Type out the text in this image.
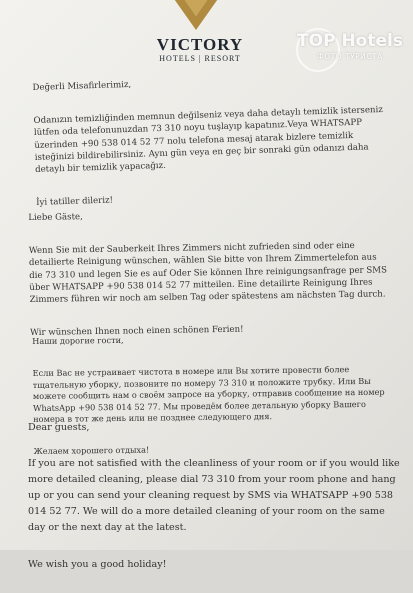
VICTORY
HOTELS | RESORT
TOP Hotels
ФОТО ТУРИСТА

Değerli Misafirlerimiz,

Odanızın temizliğinden memnun değilseniz veya daha detaylı temizlik isterseniz lütfen oda telefonunuzdan 73 310 noyu tuşlayıp kapatınız.Veya WHATSAPP üzerinden +90 538 014 52 77 nolu telefona mesaj atarak bizlere temizlik isteğinizi bildirebilirsiniz. Aynı gün veya en geç bir sonraki gün odanızı daha detaylı bir temizlik yapacağız.

İyi tatiller dileriz!

Liebe Gäste,

Wenn Sie mit der Sauberkeit Ihres Zimmers nicht zufrieden sind oder eine detailierte Reinigung wünschen, wählen Sie bitte von Ihrem Zimmertelefon aus die 73 310 und legen Sie es auf Oder Sie können Ihre reinigungsanfrage per SMS über WHATSAPP +90 538 014 52 77 mitteilen. Eine detailirte Reinigung Ihres Zimmers führen wir noch am selben Tag oder spätestens am nächsten Tag durch.

Wir wünschen Ihnen noch einen schönen Ferien!

Наши дорогие гости,

Если Вас не устраивает чистота в номере или Вы хотите провести более тщательную уборку, позвоните по номеру 73 310 и положите трубку. Или Вы можете сообщить нам о своём запросе на уборку, отправив сообщение на номер WhatsApp +90 538 014 52 77. Мы проведём более детальную уборку Вашего номера в тот же день или не позднее следующего дня.

Желаем хорошего отдыха!

Dear guests,

If you are not satisfied with the cleanliness of your room or if you would like more detailed cleaning, please dial 73 310 from your room phone and hang up or you can send your cleaning request by SMS via WHATSAPP +90 538 014 52 77. We will do a more detailed cleaning of your room on the same day or the next day at the latest.

We wish you a good holiday!
